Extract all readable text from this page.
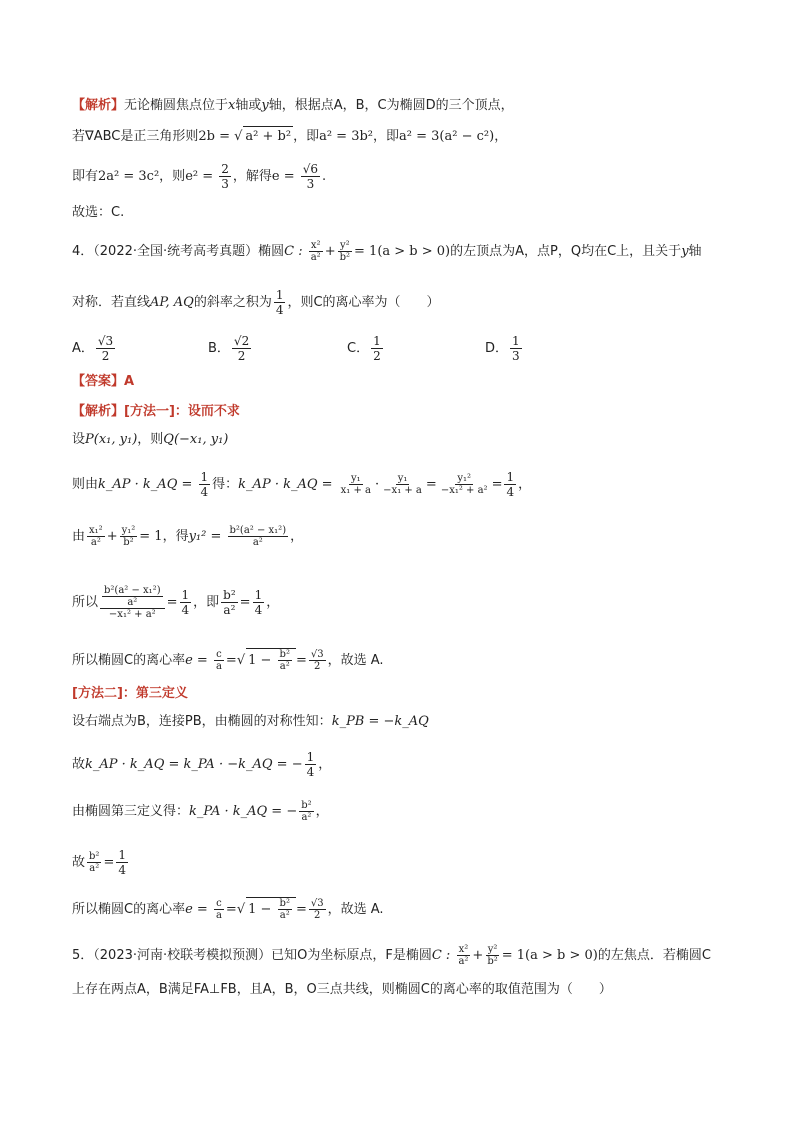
【解析】无论椭圆焦点位于x轴或y轴，根据点A，B，C为椭圆D的三个顶点，
若∇ABC是正三角形则2b = √ a² + b² ，即a² = 3b²，即a² = 3(a² − c²)，
即有2a² = 3c²，则$e^2 = \frac{2}{3}$ ，解得$e = \frac{√6}{3}$ .
故选：C.
4．（2022·全国·统考高考真题）椭圆C : $\frac{\text{x²}}{\text{a²}} + \frac{\text{y²}}{\text{b²}} = 1(a > b > 0)$的左顶点为A，点P，Q均在C上，且关于y轴
对称．若直线AP, AQ的斜率之积为 $\frac{1}{4}$ ，则C的离心率为（　　）
A． $\frac{√3}{2}$	B． $\frac{√2}{2}$	C． $\frac{1}{2}$	D． $\frac{1}{3}$
【答案】A
【解析】[方法一]：设而不求
设P(x₁, y₁)，则Q(−x₁, y₁)
则由k_AP · k_AQ = $\frac{1}{4}$ 得：k_AP · k_AQ = $\frac{\text{y₁}}{\text{x₁ + a}} \cdot \frac{\text{y₁}}{\text{−x₁ + a}} = \frac{\text{y₁²}}{\text{−x₁² + a²}} = \frac{1}{4}$ ，
由 $\frac{\text{x₁²}}{\text{a²}} + \frac{\text{y₁²}}{\text{b²}} = 1$，得$y_1^2 = \frac{\text{b²(a² − x₁²)}}{\text{a²}}$ ，
所以 $\frac{\frac{\text{b²(a² − x₁²)}}{\text{a²}}}{\text{−x₁² + a²}} = \frac{1}{4}$ ，即 $\frac{\text{b²}}{\text{a²}} = \frac{1}{4}$ ，
所以椭圆C的离心率$e = \frac{c}{a}$ =√ $1 - \frac{\text{b²}}{\text{a²}} = \frac{√3}{2}$ ，故选 A.
[方法二]：第三定义
设右端点为B，连接PB，由椭圆的对称性知：k_PB = −k_AQ
故k_AP · k_AQ = k_PA · −k_AQ = − $\frac{1}{4}$ ，
由椭圆第三定义得：k_PA · k_AQ = − $\frac{\text{b²}}{\text{a²}}$ ，
故 $\frac{\text{b²}}{\text{a²}} = \frac{1}{4}$
所以椭圆C的离心率$e = \frac{c}{a}$ =√ $1 - \frac{\text{b²}}{\text{a²}} = \frac{√3}{2}$ ，故选 A.
5．（2023·河南·校联考模拟预测）已知O为坐标原点，F是椭圆C : $\frac{\text{x²}}{\text{a²}} + \frac{\text{y²}}{\text{b²}} = 1(a > b > 0)$的左焦点．若椭圆C
上存在两点A，B满足FA⊥FB，且A，B，O三点共线，则椭圆C的离心率的取值范围为（　　）
